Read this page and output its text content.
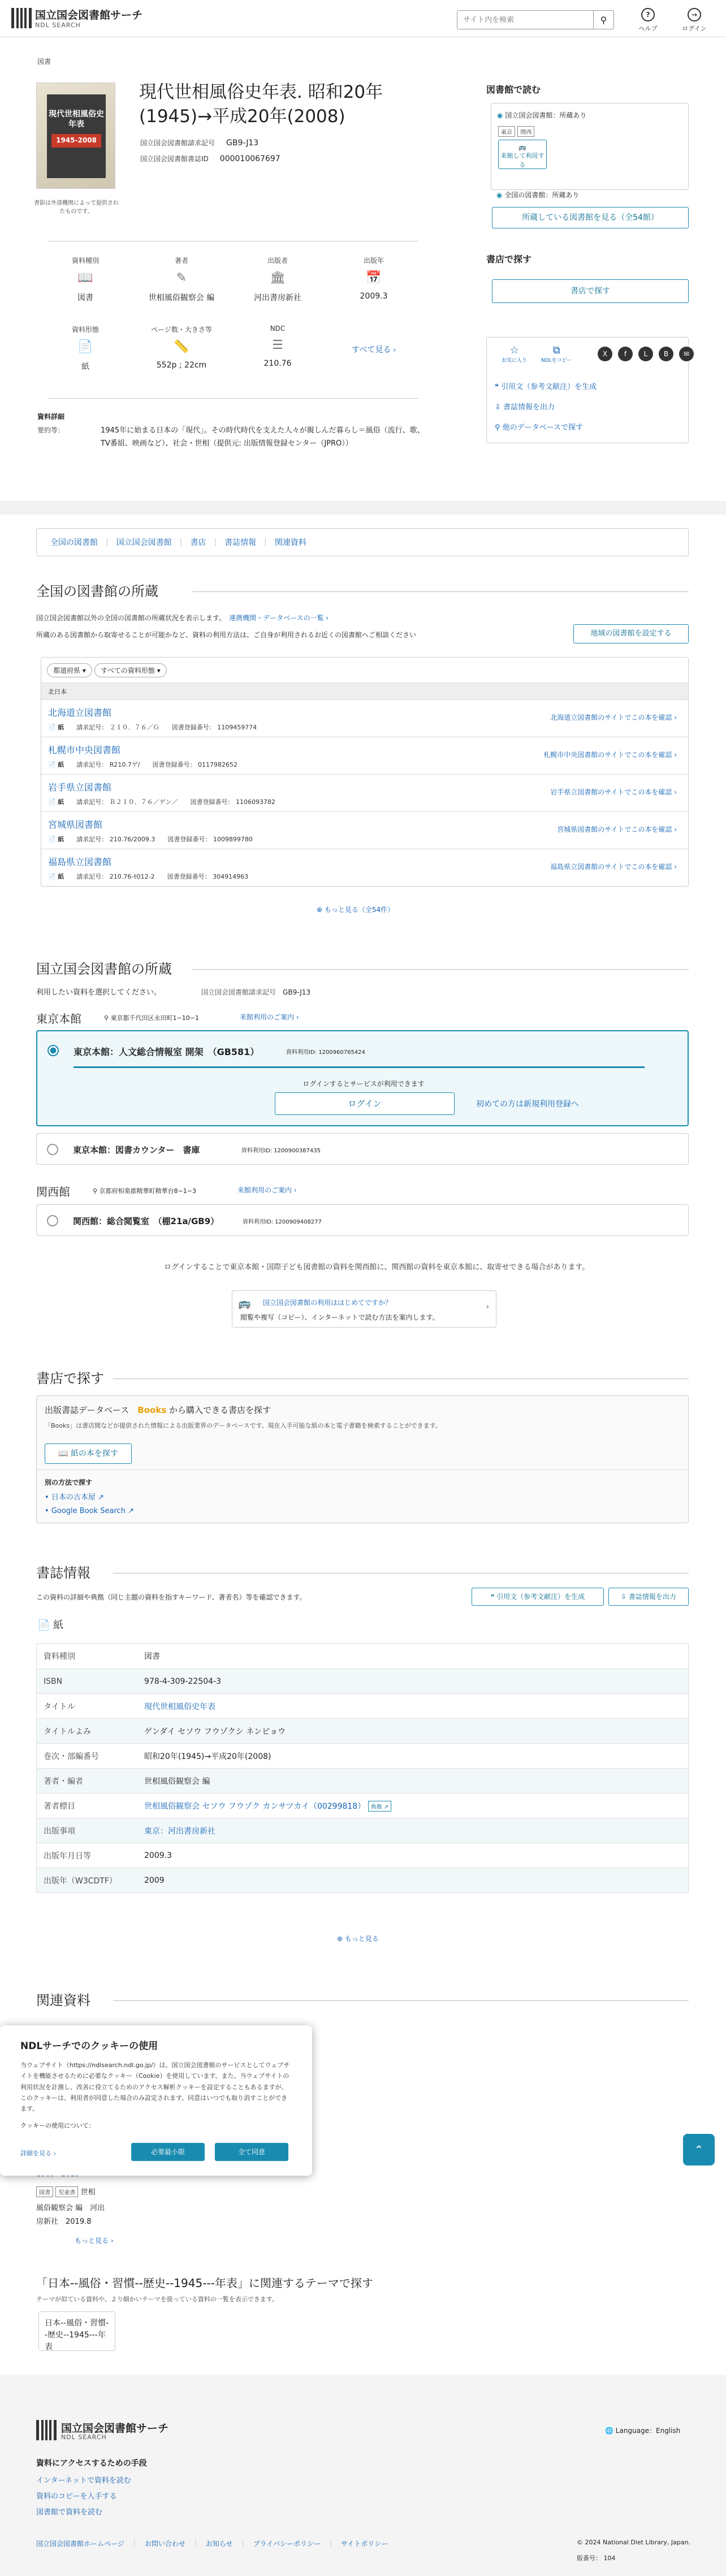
国立国会図書館サーチ
NDL SEARCH
サイト内を検索	⚲	?
ヘルプ
→
ログイン
図書
現代世相風俗史年表
1945-2008
書影は外部機関によって提供されたものです。
現代世相風俗史年表. 昭和20年(1945)→平成20年(2008)
国立国会図書館請求記号 GB9-J13
国立国会図書館書誌ID 000010067697
資料種別
📖
図書
著者
✎
世相風俗観察会 編
出版者
🏛
河出書房新社
出版年
📅
2009.3
資料形態
📄
紙
ページ数・大きさ等
📏
552p ; 22cm
NDC
☰
210.76
すべて見る ›
資料詳細
要約等：	1945年に始まる日本の「現代」。その時代時代を支えた人々が親しんだ暮らし＝風俗（流行、歌、TV番組、映画など）、社会・世相（提供元: 出版情報登録センター（JPRO））
図書館で読む
◉ 国立国会図書館：所蔵あり
東京 関西
🚌
来館して利用する
◉ 全国の図書館：所蔵あり
所蔵している図書館を見る（全54館）
書店で探す
書店で探す
☆
お気に入り
⧉
NDLをコピー
X	f	L	B	✉
❝ 引用文（参考文献注）を生成
⇩ 書誌情報を出力
⚲ 他のデータベースで探す
全国の図書館 | 国立国会図書館 | 書店 | 書誌情報 | 関連資料
全国の図書館の所蔵
国立国会図書館以外の全国の図書館の所蔵状況を表示します。　 連携機関・データベースの一覧 ›
所蔵のある図書館から取寄せることが可能かなど、資料の利用方法は、ご自身が利用されるお近くの図書館へご相談ください	地域の図書館を設定する
都道府県 ▾ すべての資料形態 ▾
北日本
北海道立図書館
📄 紙 請求記号： ２１０．７６／Ｇ 図書登録番号： 1109459774
北海道立図書館のサイトでこの本を確認 ›
札幌市中央図書館
📄 紙 請求記号： R210.7ゲ/ 図書登録番号： 0117982652
札幌市中央図書館のサイトでこの本を確認 ›
岩手県立図書館
📄 紙 請求記号： Ｒ２１０．７６／ゲン／ 図書登録番号： 1106093782
岩手県立図書館のサイトでこの本を確認 ›
宮城県図書館
📄 紙 請求記号： 210.76/2009.3 図書登録番号： 1009899780
宮城県図書館のサイトでこの本を確認 ›
福島県立図書館
📄 紙 請求記号： 210.76-ｾ012-2 図書登録番号： 304914963
福島県立図書館のサイトでこの本を確認 ›
⊕ もっと見る（全54件）
国立国会図書館の所蔵
利用したい資料を選択してください。	国立国会図書館請求記号　 GB9-J13
東京本館	⚲ 東京都千代田区永田町1−10−1	来館利用のご案内 ›
東京本館：人文総合情報室 開架　（GB581）	資料利用ID: 1200960765424
ログインするとサービスが利用できます
ログイン	初めての方は新規利用登録へ
東京本館：図書カウンター　書庫	資料利用ID: 1200900387435
関西館	⚲ 京都府相楽郡精華町精華台8−1−3	来館利用のご案内 ›
関西館：総合閲覧室　（棚21a/GB9）	資料利用ID: 1200909408277
ログインすることで東京本館・国際子ども図書館の資料を関西館に、関西館の資料を東京本館に、取寄せできる場合があります。
🚌 国立国会図書館の利用ははじめてですか？
閲覧や複写（コピー）、インターネットで読む方法を案内します。
›
書店で探す
出版書誌データベース　 Books から購入できる書店を探す
「Books」は書店間などが提供された情報による出版業界のデータベースです。現在入手可能な紙の本と電子書籍を検索することができます。
📖 紙の本を探す
別の方法で探す
• 日本の古本屋 ↗
• Google Book Search ↗
書誌情報
この資料の詳細や典拠（同じ主題の資料を指すキーワード、著者名）等を確認できます。	❝ 引用文（参考文献注）を生成	⇩ 書誌情報を出力
📄 紙
資料種別	図書
ISBN	978-4-309-22504-3
タイトル	現代世相風俗史年表
タイトルよみ	ゲンダイ セソウ フウゾクシ ネンピョウ
巻次・部編番号	昭和20年(1945)→平成20年(2008)
著者・編者	世相風俗観察会 編
著者標目	世相風俗観察会 セソウ フウゾク カンサツカイ（00299818） 典拠 ↗
出版事項	東京：河出書房新社
出版年月日等	2009.3
出版年（W3CDTF）	2009
⊕ もっと見る
関連資料
図書 児童書 世相
風俗観察会 編　河出
房新社　2019.8
もっと見る ›
「日本--風俗・習慣--歴史--1945---年表」に関連するテーマで探す
テーマが似ている資料や、より細かいテーマを扱っている資料の一覧を表示できます。
日本--風俗・習慣--歴史--1945---年表
NDLサーチでのクッキーの使用
当ウェブサイト（https://ndlsearch.ndl.go.jp/）は、国立国会図書館のサービスとしてウェブサイトを機能させるために必要なクッキー（Cookie）を使用しています。また、当ウェブサイトの利用状況を計測し、改善に役立てるためのアクセス解析クッキーを設定することもあるますが、このクッキーは、利用者が同意した場合のみ設定されます。同意はいつでも取り消すことができます。
クッキーの使用について：
詳細を見る ›	必要最小限	全て同意	⌃
国立国会図書館サーチ
NDL SEARCH
🌐 Language：English
資料にアクセスするための手段
インターネットで資料を読む
資料のコピーを入手する
図書館で資料を読む
国立国会図書館ホームページ | お問い合わせ | お知らせ | プライバシーポリシー | サイトポリシー	© 2024 National Diet Library, Japan.
版番号： 104
